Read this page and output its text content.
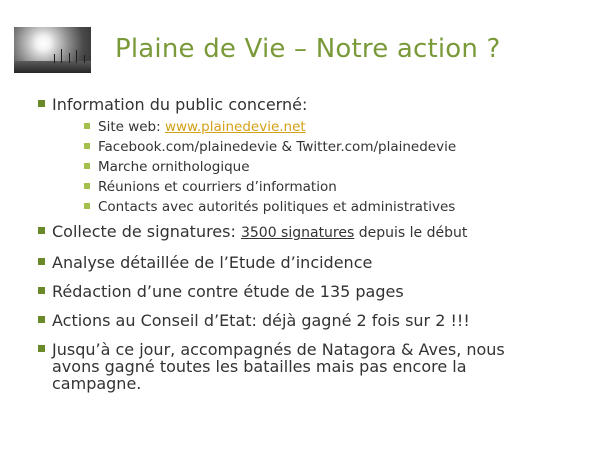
Plaine de Vie – Notre action ?
Information du public concerné:
Site web: www.plainedevie.net
Facebook.com/plainedevie & Twitter.com/plainedevie
Marche ornithologique
Réunions et courriers d’information
Contacts avec autorités politiques et administratives
Collecte de signatures: 3500 signatures depuis le début
Analyse détaillée de l’Etude d’incidence
Rédaction d’une contre étude de 135 pages
Actions au Conseil d’Etat: déjà gagné 2 fois sur 2 !!!
Jusqu’à ce jour, accompagnés de Natagora & Aves, nous
avons gagné toutes les batailles mais pas encore la
campagne.
